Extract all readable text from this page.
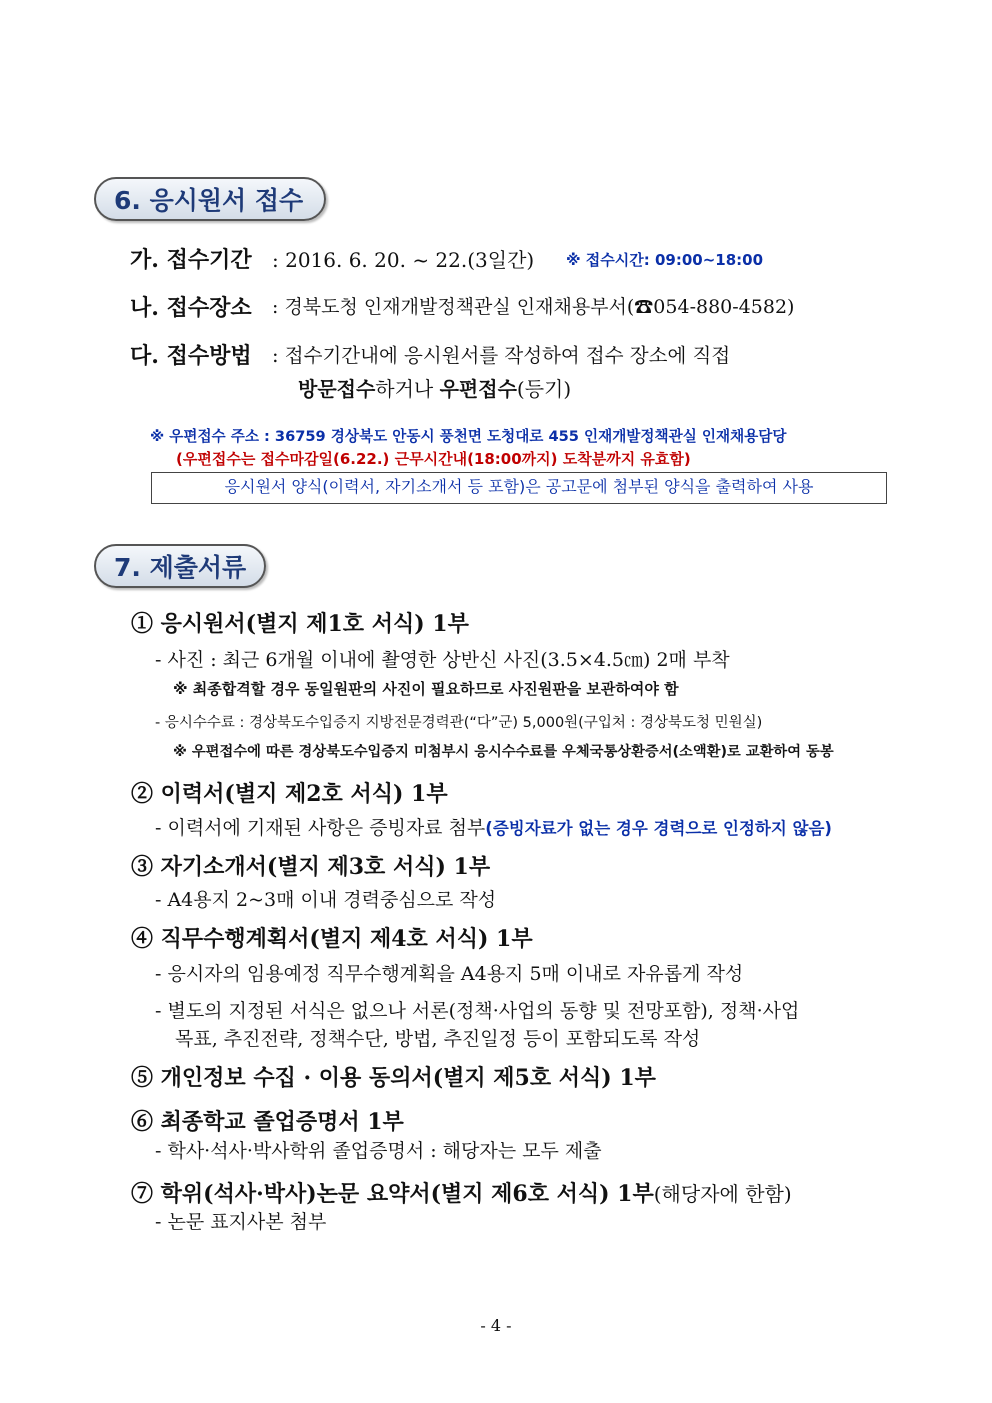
6. 응시원서 접수
가. 접수기간 : 2016. 6. 20. ~ 22.(3일간) ※ 접수시간: 09:00~18:00
나. 접수장소 : 경북도청 인재개발정책관실 인재채용부서(☎054-880-4582)
다. 접수방법 : 접수기간내에 응시원서를 작성하여 접수 장소에 직접
방문접수하거나 우편접수(등기)
※ 우편접수 주소 : 36759 경상북도 안동시 풍천면 도청대로 455 인재개발정책관실 인재채용담당
(우편접수는 접수마감일(6.22.) 근무시간내(18:00까지) 도착분까지 유효함)
응시원서 양식(이력서, 자기소개서 등 포함)은 공고문에 첨부된 양식을 출력하여 사용
7. 제출서류
① 응시원서(별지 제1호 서식) 1부
- 사진 : 최근 6개월 이내에 촬영한 상반신 사진(3.5×4.5㎝) 2매 부착
※ 최종합격할 경우 동일원판의 사진이 필요하므로 사진원판을 보관하여야 함
- 응시수수료 : 경상북도수입증지 지방전문경력관(“다”군) 5,000원(구입처 : 경상북도청 민원실)
※ 우편접수에 따른 경상북도수입증지 미첨부시 응시수수료를 우체국통상환증서(소액환)로 교환하여 동봉
② 이력서(별지 제2호 서식) 1부
- 이력서에 기재된 사항은 증빙자료 첨부(증빙자료가 없는 경우 경력으로 인정하지 않음)
③ 자기소개서(별지 제3호 서식) 1부
- A4용지 2~3매 이내 경력중심으로 작성
④ 직무수행계획서(별지 제4호 서식) 1부
- 응시자의 임용예정 직무수행계획을 A4용지 5매 이내로 자유롭게 작성
- 별도의 지정된 서식은 없으나 서론(정책·사업의 동향 및 전망포함), 정책·사업
목표, 추진전략, 정책수단, 방법, 추진일정 등이 포함되도록 작성
⑤ 개인정보 수집 · 이용 동의서(별지 제5호 서식) 1부
⑥ 최종학교 졸업증명서 1부
- 학사·석사·박사학위 졸업증명서 : 해당자는 모두 제출
⑦ 학위(석사·박사)논문 요약서(별지 제6호 서식) 1부(해당자에 한함)
- 논문 표지사본 첨부
- 4 -
